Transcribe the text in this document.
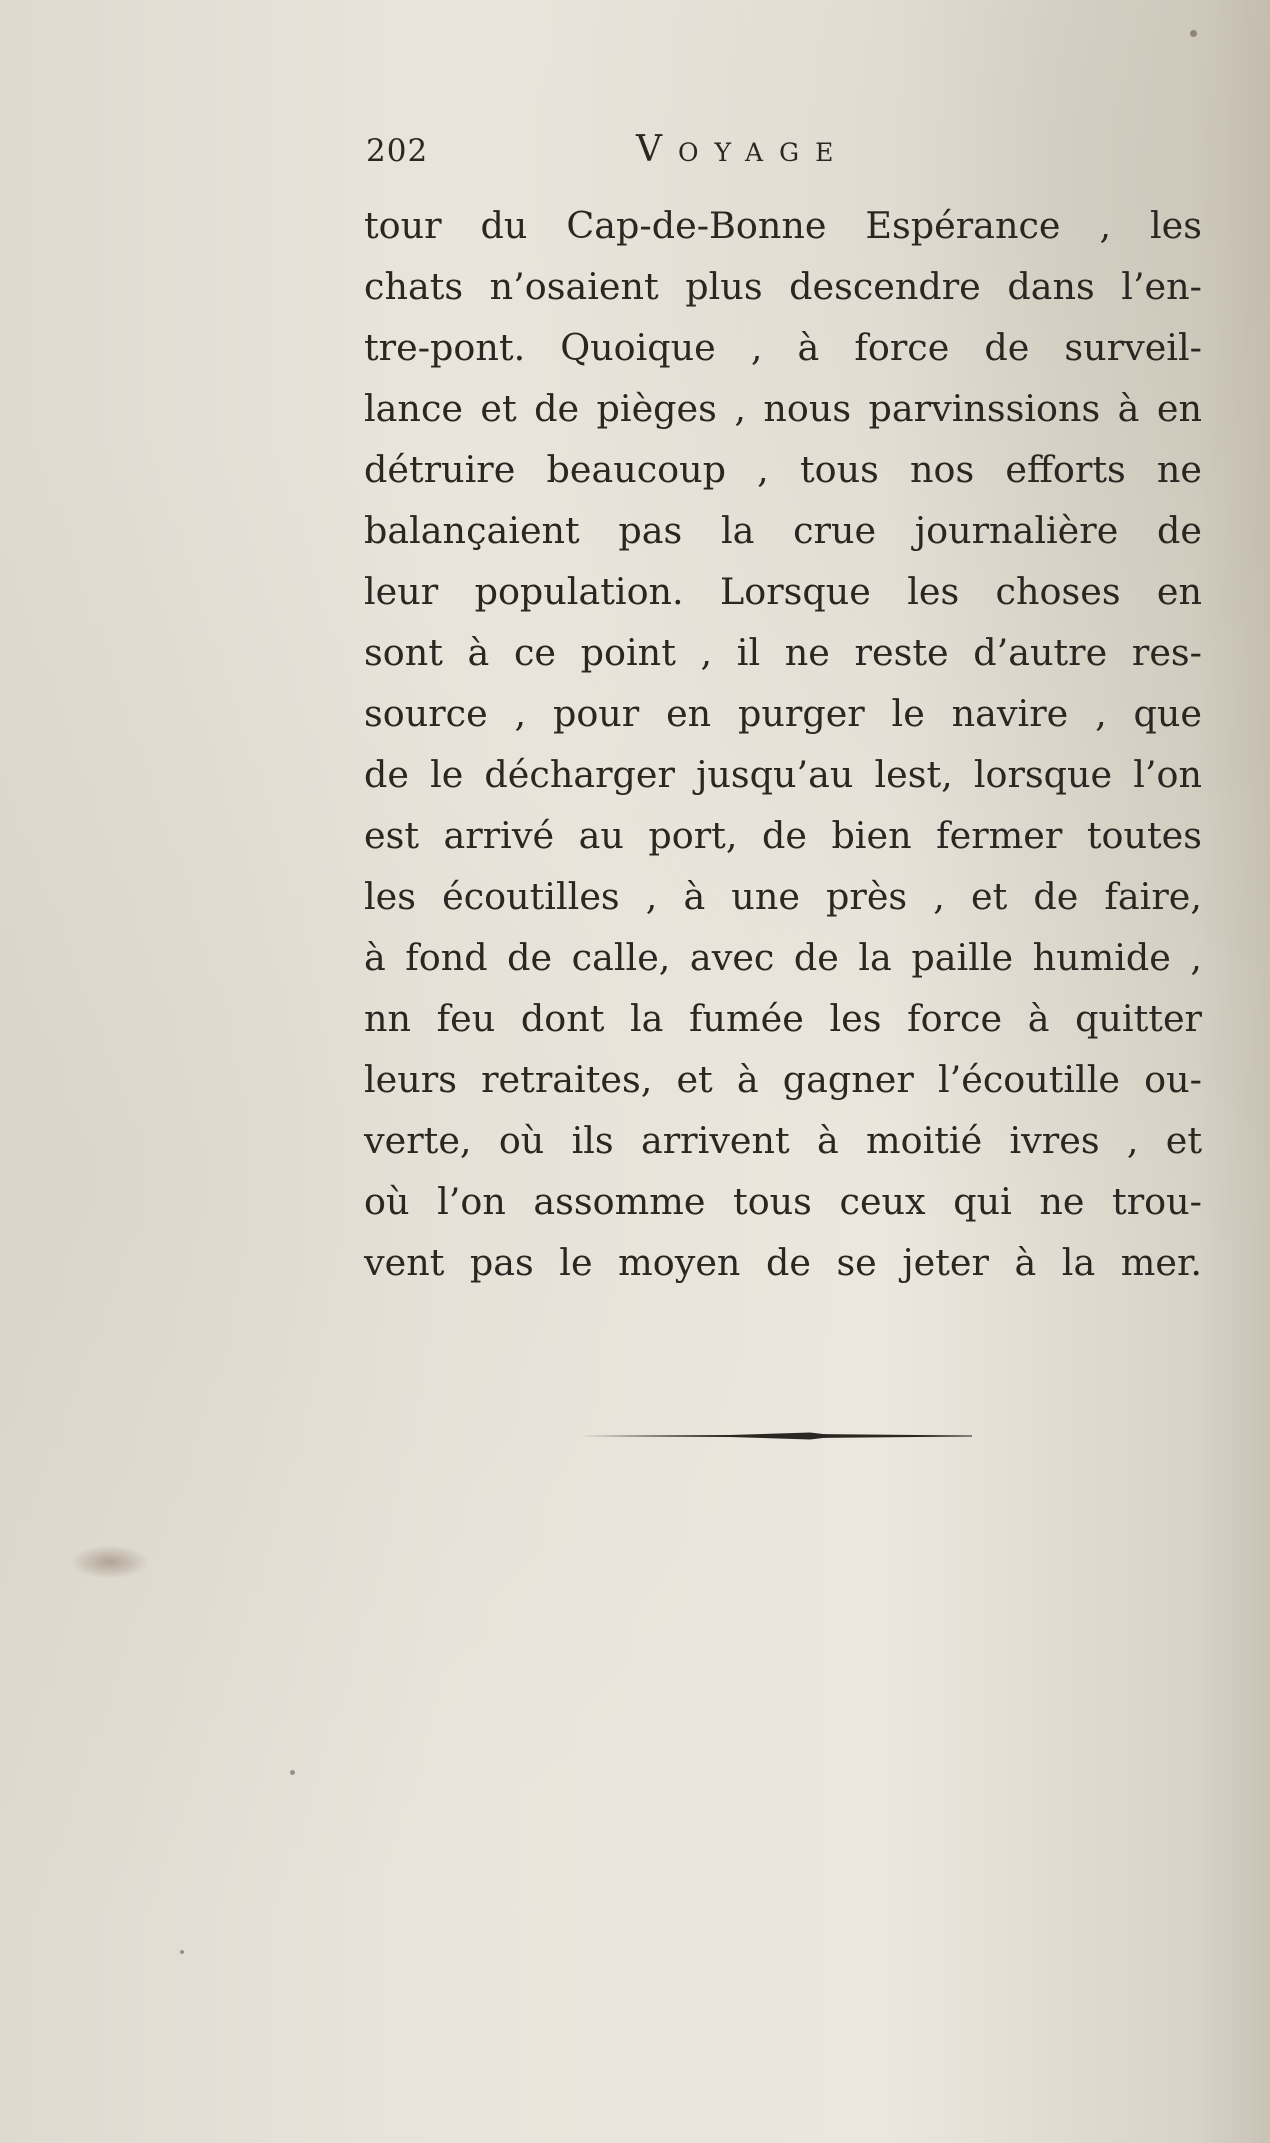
202	Voyage
tour du Cap-de-Bonne Espérance , les
chats n’osaient plus descendre dans l’en-
tre-pont. Quoique , à force de surveil-
lance et de pièges , nous parvinssions à en
détruire beaucoup , tous nos efforts ne
balançaient pas la crue journalière de
leur population. Lorsque les choses en
sont à ce point , il ne reste d’autre res-
source , pour en purger le navire , que
de le décharger jusqu’au lest, lorsque l’on
est arrivé au port, de bien fermer toutes
les écoutilles , à une près , et de faire,
à fond de calle, avec de la paille humide ,
nn feu dont la fumée les force à quitter
leurs retraites, et à gagner l’écoutille ou-
verte, où ils arrivent à moitié ivres , et
où l’on assomme tous ceux qui ne trou-
vent pas le moyen de se jeter à la mer.
